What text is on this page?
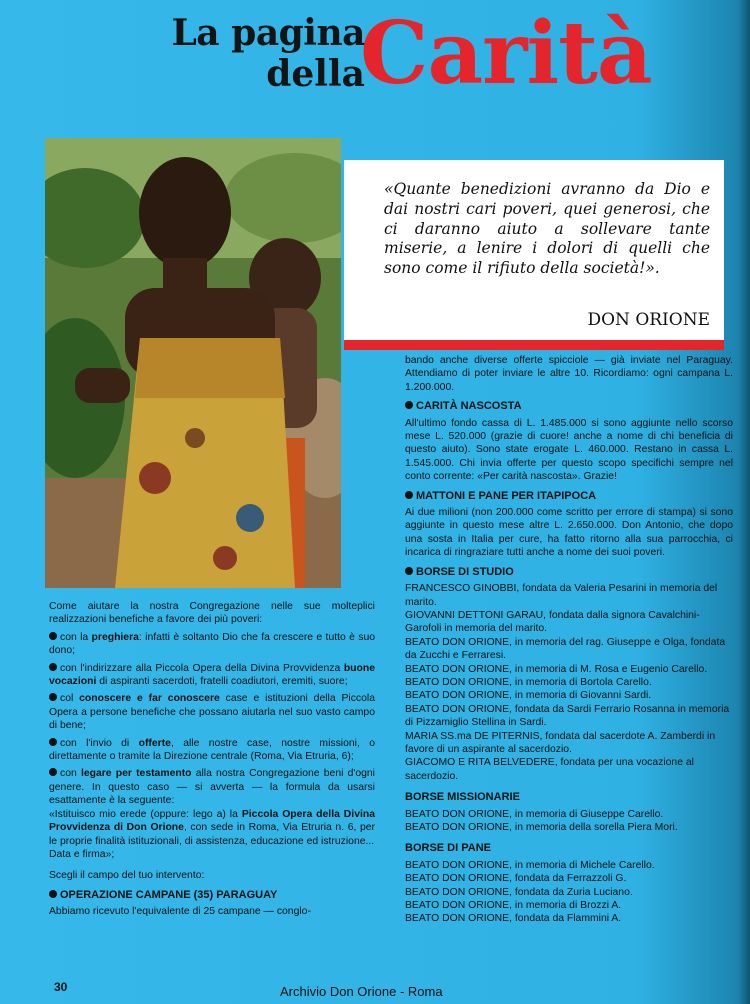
La pagina
della
Carità
«Quante benedizioni avranno da Dio e dai nostri cari poveri, quei generosi, che ci daranno aiuto a sollevare tante miserie, a lenire i dolori di quelli che sono come il rifiuto della società!».
DON ORIONE

Come aiutare la nostra Congregazione nelle sue molteplici realizzazioni benefiche a favore dei più poveri:

con la preghiera: infatti è soltanto Dio che fa crescere e tutto è suo dono;

con l'indirizzare alla Piccola Opera della Divina Provvidenza buone vocazioni di aspiranti sacerdoti, fratelli coadiutori, eremiti, suore;

col conoscere e far conoscere case e istituzioni della Piccola Opera a persone benefiche che possano aiutarla nel suo vasto campo di bene;

con l'invio di offerte, alle nostre case, nostre missioni, o direttamente o tramite la Direzione centrale (Roma, Via Etruria, 6);

con legare per testamento alla nostra Congregazione beni d'ogni genere. In questo caso — si avverta — la formula da usarsi esattamente è la seguente:

«Istituisco mio erede (oppure: lego a) la Piccola Opera della Divina Provvidenza di Don Orione, con sede in Roma, Via Etruria n. 6, per le proprie finalità istituzionali, di assistenza, educazione ed istruzione...

Data e firma»;

Scegli il campo del tuo intervento:

OPERAZIONE CAMPANE (35) PARAGUAY

Abbiamo ricevuto l'equivalente di 25 campane — conglo-

bando anche diverse offerte spicciole — già inviate nel Paraguay. Attendiamo di poter inviare le altre 10. Ricordiamo: ogni campana L. 1.200.000.

CARITÀ NASCOSTA

All'ultimo fondo cassa di L. 1.485.000 si sono aggiunte nello scorso mese L. 520.000 (grazie di cuore! anche a nome di chi beneficia di questo aiuto). Sono state erogate L. 460.000. Restano in cassa L. 1.545.000. Chi invia offerte per questo scopo specifichi sempre nel conto corrente: «Per carità nascosta». Grazie!

MATTONI E PANE PER ITAPIPOCA

Ai due milioni (non 200.000 come scritto per errore di stampa) si sono aggiunte in questo mese altre L. 2.650.000. Don Antonio, che dopo una sosta in Italia per cure, ha fatto ritorno alla sua parrocchia, ci incarica di ringraziare tutti anche a nome dei suoi poveri.

BORSE DI STUDIO

FRANCESCO GINOBBI, fondata da Valeria Pesarini in memoria del marito.
GIOVANNI DETTONI GARAU, fondata dalla signora Cavalchini-Garofoli in memoria del marito.
BEATO DON ORIONE, in memoria del rag. Giuseppe e Olga, fondata da Zucchi e Ferraresi.
BEATO DON ORIONE, in memoria di M. Rosa e Eugenio Carello.
BEATO DON ORIONE, in memoria di Bortola Carello.
BEATO DON ORIONE, in memoria di Giovanni Sardi.
BEATO DON ORIONE, fondata da Sardi Ferrario Rosanna in memoria di Pizzamiglio Stellina in Sardi.
MARIA SS.ma DE PITERNIS, fondata dal sacerdote A. Zamberdi in favore di un aspirante al sacerdozio.
GIACOMO E RITA BELVEDERE, fondata per una vocazione al sacerdozio.

BORSE MISSIONARIE

BEATO DON ORIONE, in memoria di Giuseppe Carello.
BEATO DON ORIONE, in memoria della sorella Piera Mori.

BORSE DI PANE

BEATO DON ORIONE, in memoria di Michele Carello.
BEATO DON ORIONE, fondata da Ferrazzoli G.
BEATO DON ORIONE, fondata da Zuria Luciano.
BEATO DON ORIONE, in memoria di Brozzi A.
BEATO DON ORIONE, fondata da Flammini A.
30	Archivio Don Orione - Roma
